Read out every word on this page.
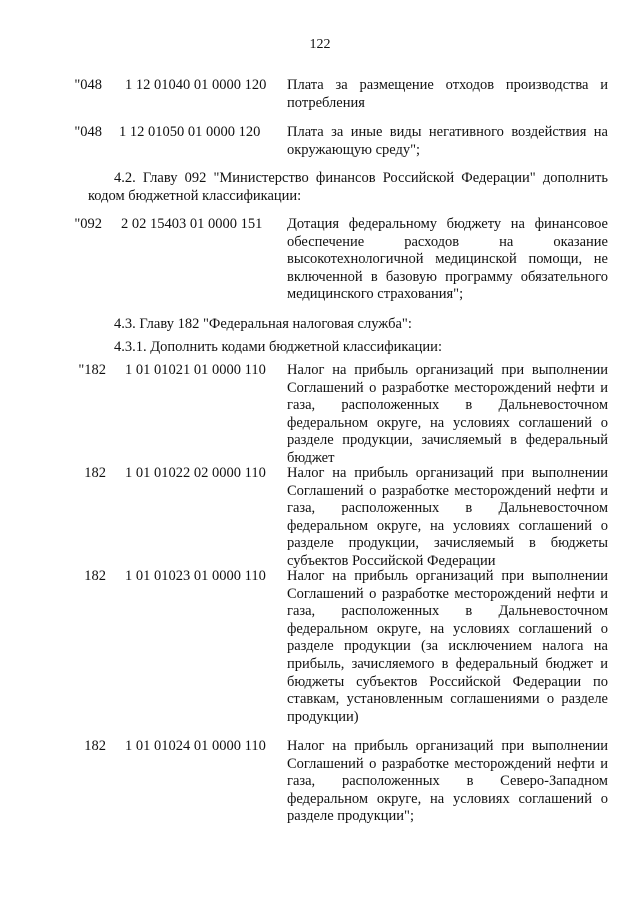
122
"048 1 12 01040 01 0000 120 Плата за размещение отходов производства и потребления
"048 1 12 01050 01 0000 120 Плата за иные виды негативного воздействия на окружающую среду";
4.2. Главу 092 "Министерство финансов Российской Федерации" дополнить кодом бюджетной классификации:
"092 2 02 15403 01 0000 151 Дотация федеральному бюджету на финансовое обеспечение расходов на оказание высокотехнологичной медицинской помощи, не включенной в базовую программу обязательного медицинского страхования";
4.3. Главу 182 "Федеральная налоговая служба":
4.3.1. Дополнить кодами бюджетной классификации:
"182 1 01 01021 01 0000 110 Налог на прибыль организаций при выполнении Соглашений о разработке месторождений нефти и газа, расположенных в Дальневосточном федеральном округе, на условиях соглашений о разделе продукции, зачисляемый в федеральный бюджет
182 1 01 01022 02 0000 110 Налог на прибыль организаций при выполнении Соглашений о разработке месторождений нефти и газа, расположенных в Дальневосточном федеральном округе, на условиях соглашений о разделе продукции, зачисляемый в бюджеты субъектов Российской Федерации
182 1 01 01023 01 0000 110 Налог на прибыль организаций при выполнении Соглашений о разработке месторождений нефти и газа, расположенных в Дальневосточном федеральном округе, на условиях соглашений о разделе продукции (за исключением налога на прибыль, зачисляемого в федеральный бюджет и бюджеты субъектов Российской Федерации по ставкам, установленным соглашениями о разделе продукции)
182 1 01 01024 01 0000 110 Налог на прибыль организаций при выполнении Соглашений о разработке месторождений нефти и газа, расположенных в Северо-Западном федеральном округе, на условиях соглашений о разделе продукции";
